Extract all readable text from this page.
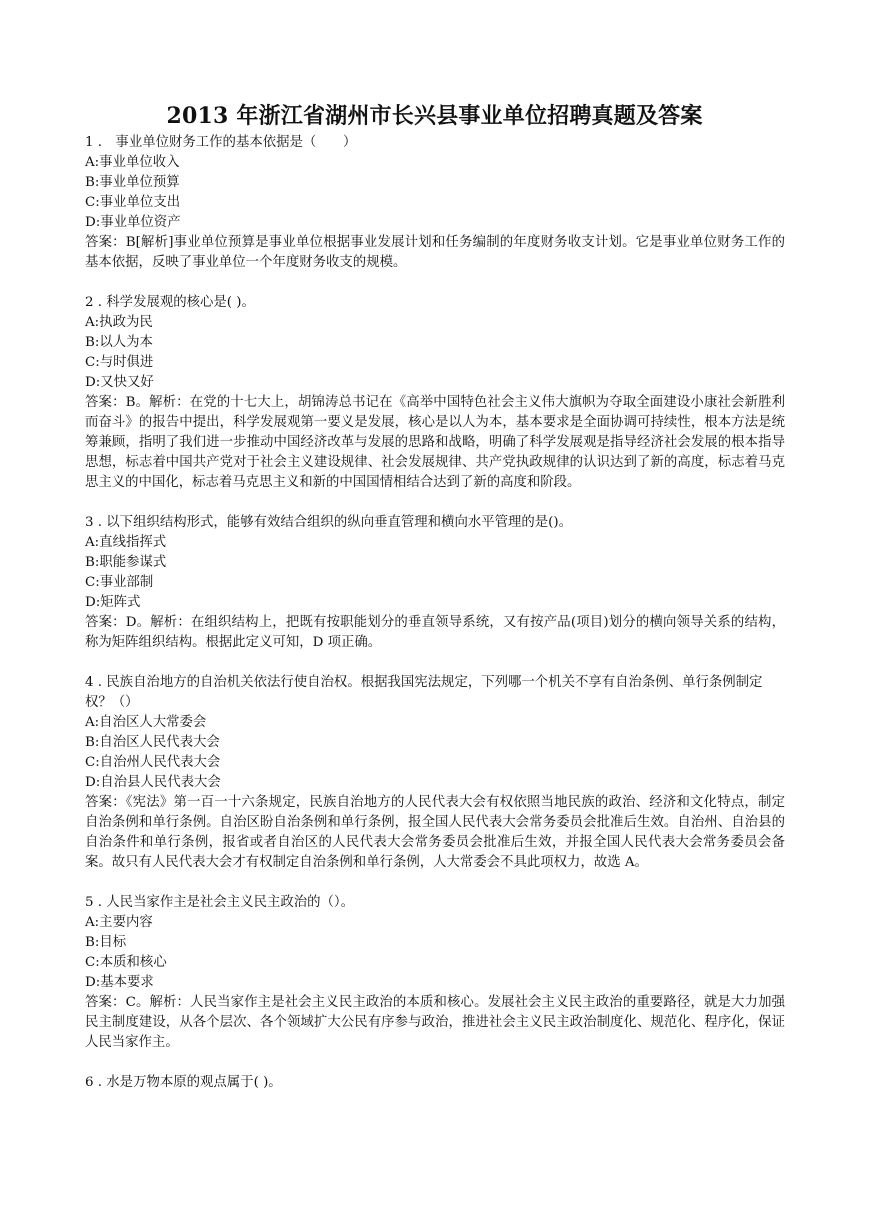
2013 年浙江省湖州市长兴县事业单位招聘真题及答案

1 .　事业单位财务工作的基本依据是（　　）

A:事业单位收入

B:事业单位预算

C:事业单位支出

D:事业单位资产

答案：B[解析]事业单位预算是事业单位根据事业发展计划和任务编制的年度财务收支计划。它是事业单位财务工作的基本依据，反映了事业单位一个年度财务收支的规模。

2 . 科学发展观的核心是( )。

A:执政为民

B:以人为本

C:与时俱进

D:又快又好

答案：B。解析：在党的十七大上，胡锦涛总书记在《高举中国特色社会主义伟大旗帜为夺取全面建设小康社会新胜利而奋斗》的报告中提出，科学发展观第一要义是发展，核心是以人为本，基本要求是全面协调可持续性，根本方法是统筹兼顾，指明了我们进一步推动中国经济改革与发展的思路和战略，明确了科学发展观是指导经济社会发展的根本指导思想，标志着中国共产党对于社会主义建设规律、社会发展规律、共产党执政规律的认识达到了新的高度，标志着马克思主义的中国化，标志着马克思主义和新的中国国情相结合达到了新的高度和阶段。

3 . 以下组织结构形式，能够有效结合组织的纵向垂直管理和横向水平管理的是()。

A:直线指挥式

B:职能参谋式

C:事业部制

D:矩阵式

答案：D。解析：在组织结构上，把既有按职能划分的垂直领导系统，又有按产品(项目)划分的横向领导关系的结构，称为矩阵组织结构。根据此定义可知，D 项正确。

4 . 民族自治地方的自治机关依法行使自治权。根据我国宪法规定，下列哪一个机关不享有自治条例、单行条例制定权？（）

A:自治区人大常委会

B:自治区人民代表大会

C:自治州人民代表大会

D:自治县人民代表大会

答案：《宪法》第一百一十六条规定，民族自治地方的人民代表大会有权依照当地民族的政治、经济和文化特点，制定自治条例和单行条例。自治区盼自治条例和单行条例，报全国人民代表大会常务委员会批准后生效。自治州、自治县的自治条件和单行条例，报省或者自治区的人民代表大会常务委员会批准后生效，并报全国人民代表大会常务委员会备案。故只有人民代表大会才有权制定自治条例和单行条例，人大常委会不具此项权力，故选 A。

5 . 人民当家作主是社会主义民主政治的（）。

A:主要内容

B:目标

C:本质和核心

D:基本要求

答案：C。解析：人民当家作主是社会主义民主政治的本质和核心。发展社会主义民主政治的重要路径，就是大力加强民主制度建设，从各个层次、各个领域扩大公民有序参与政治，推进社会主义民主政治制度化、规范化、程序化，保证人民当家作主。

6 . 水是万物本原的观点属于( )。
